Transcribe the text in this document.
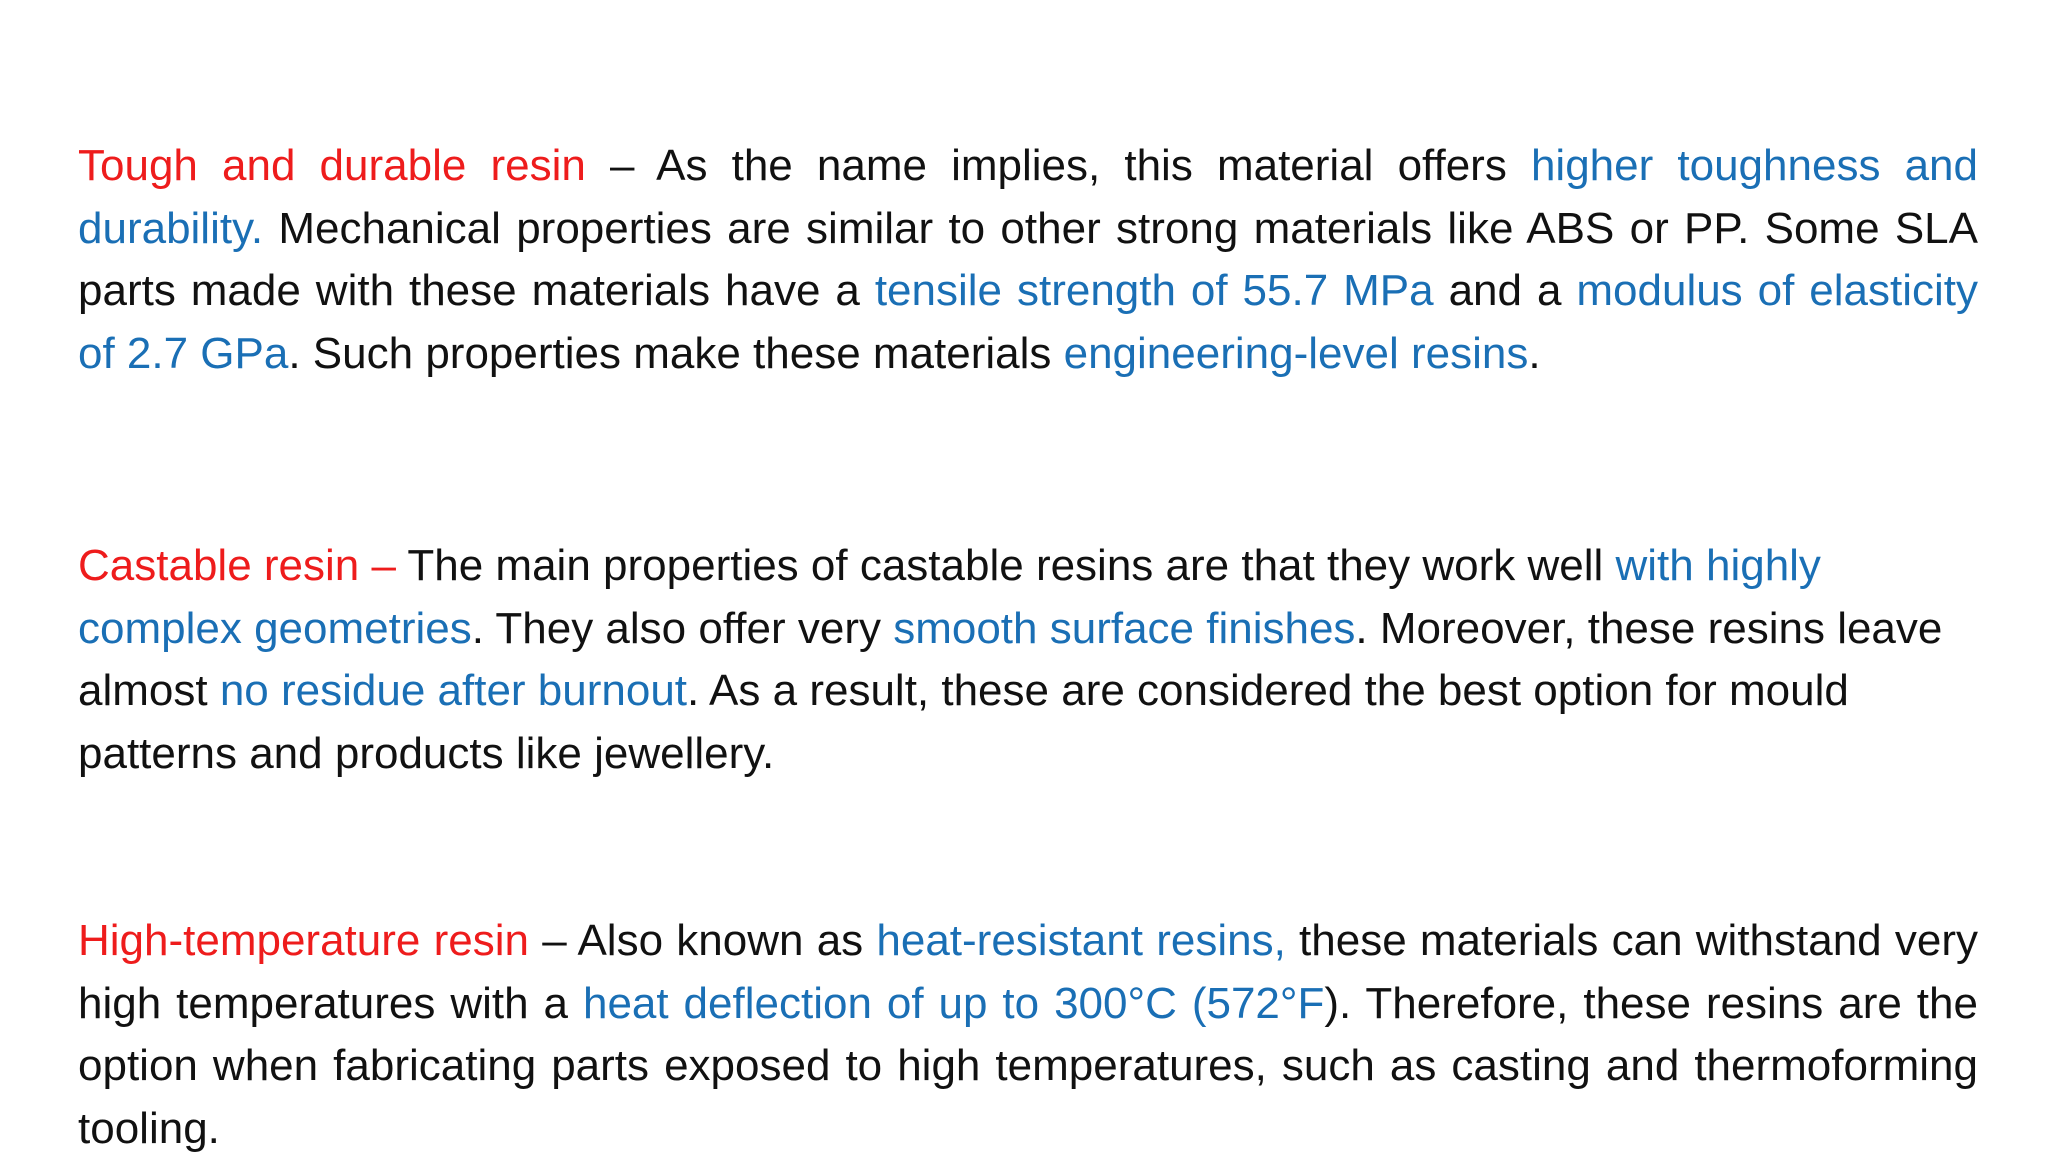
Tough and durable resin – As the name implies, this material offers higher toughness and durability. Mechanical properties are similar to other strong materials like ABS or PP. Some SLA parts made with these materials have a tensile strength of 55.7 MPa and a modulus of elasticity of 2.7 GPa. Such properties make these materials engineering-level resins.

Castable resin – The main properties of castable resins are that they work well with highly complex geometries. They also offer very smooth surface finishes. Moreover, these resins leave almost no residue after burnout. As a result, these are considered the best option for mould patterns and products like jewellery.

High-temperature resin – Also known as heat-resistant resins, these materials can withstand very high temperatures with a heat deflection of up to 300°C (572°F). Therefore, these resins are the option when fabricating parts exposed to high temperatures, such as casting and thermoforming tooling.
